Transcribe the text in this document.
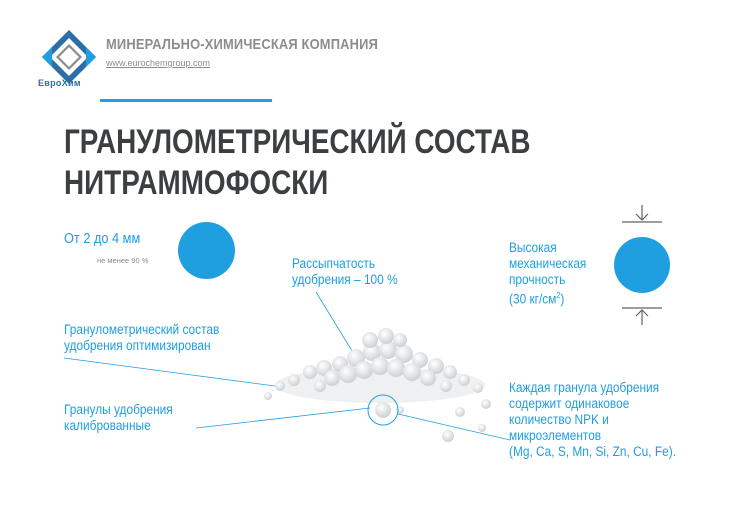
ЕвроХим
МИНЕРАЛЬНО-ХИМИЧЕСКАЯ КОМПАНИЯ
www.eurochemgroup.com
ГРАНУЛОМЕТРИЧЕСКИЙ СОСТАВ
НИТРАММОФОСКИ
От 2 до 4 мм
не менее 90 %	Рассыпчатость
удобрения – 100 %
Гранулометрический состав
удобрения оптимизирован
Гранулы удобрения
калиброванные
Высокая
механическая
прочность
(30 $кг/см^2$)
Каждая гранула удобрения
содержит одинаковое
количество NPK и
микроэлементов
(Mg, Ca, S, Mn, Si, Zn, Cu, Fe).
